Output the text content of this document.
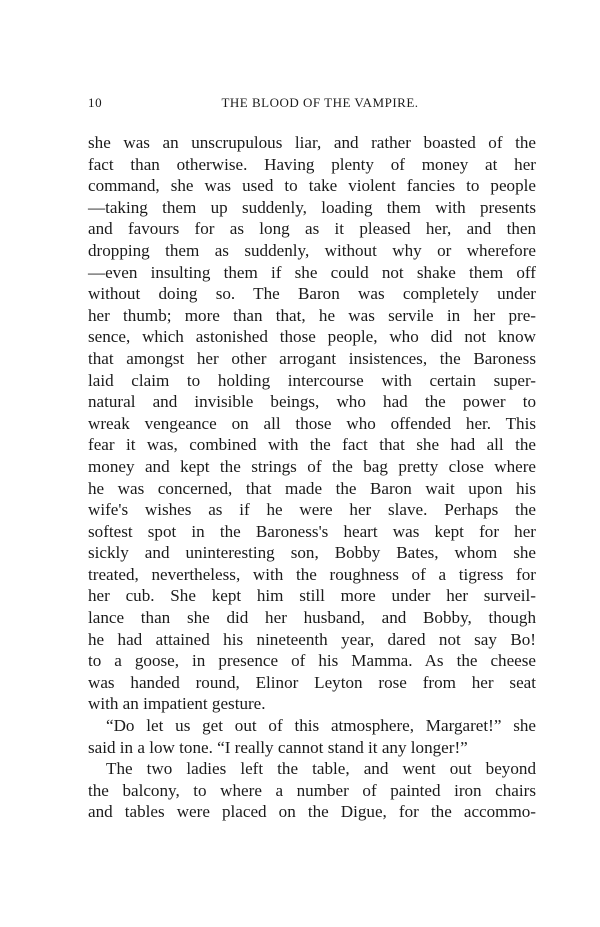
10	THE BLOOD OF THE VAMPIRE.
she was an unscrupulous liar, and rather boasted of the
fact than otherwise. Having plenty of money at her
command, she was used to take violent fancies to people
—taking them up suddenly, loading them with presents
and favours for as long as it pleased her, and then
dropping them as suddenly, without why or wherefore
—even insulting them if she could not shake them off
without doing so. The Baron was completely under
her thumb; more than that, he was servile in her pre-
sence, which astonished those people, who did not know
that amongst her other arrogant insistences, the Baroness
laid claim to holding intercourse with certain super-
natural and invisible beings, who had the power to
wreak vengeance on all those who offended her. This
fear it was, combined with the fact that she had all the
money and kept the strings of the bag pretty close where
he was concerned, that made the Baron wait upon his
wife's wishes as if he were her slave. Perhaps the
softest spot in the Baroness's heart was kept for her
sickly and uninteresting son, Bobby Bates, whom she
treated, nevertheless, with the roughness of a tigress for
her cub. She kept him still more under her surveil-
lance than she did her husband, and Bobby, though
he had attained his nineteenth year, dared not say Bo!
to a goose, in presence of his Mamma. As the cheese
was handed round, Elinor Leyton rose from her seat
with an impatient gesture.
“Do let us get out of this atmosphere, Margaret!” she
said in a low tone. “I really cannot stand it any longer!”
The two ladies left the table, and went out beyond
the balcony, to where a number of painted iron chairs
and tables were placed on the Digue, for the accommo-
